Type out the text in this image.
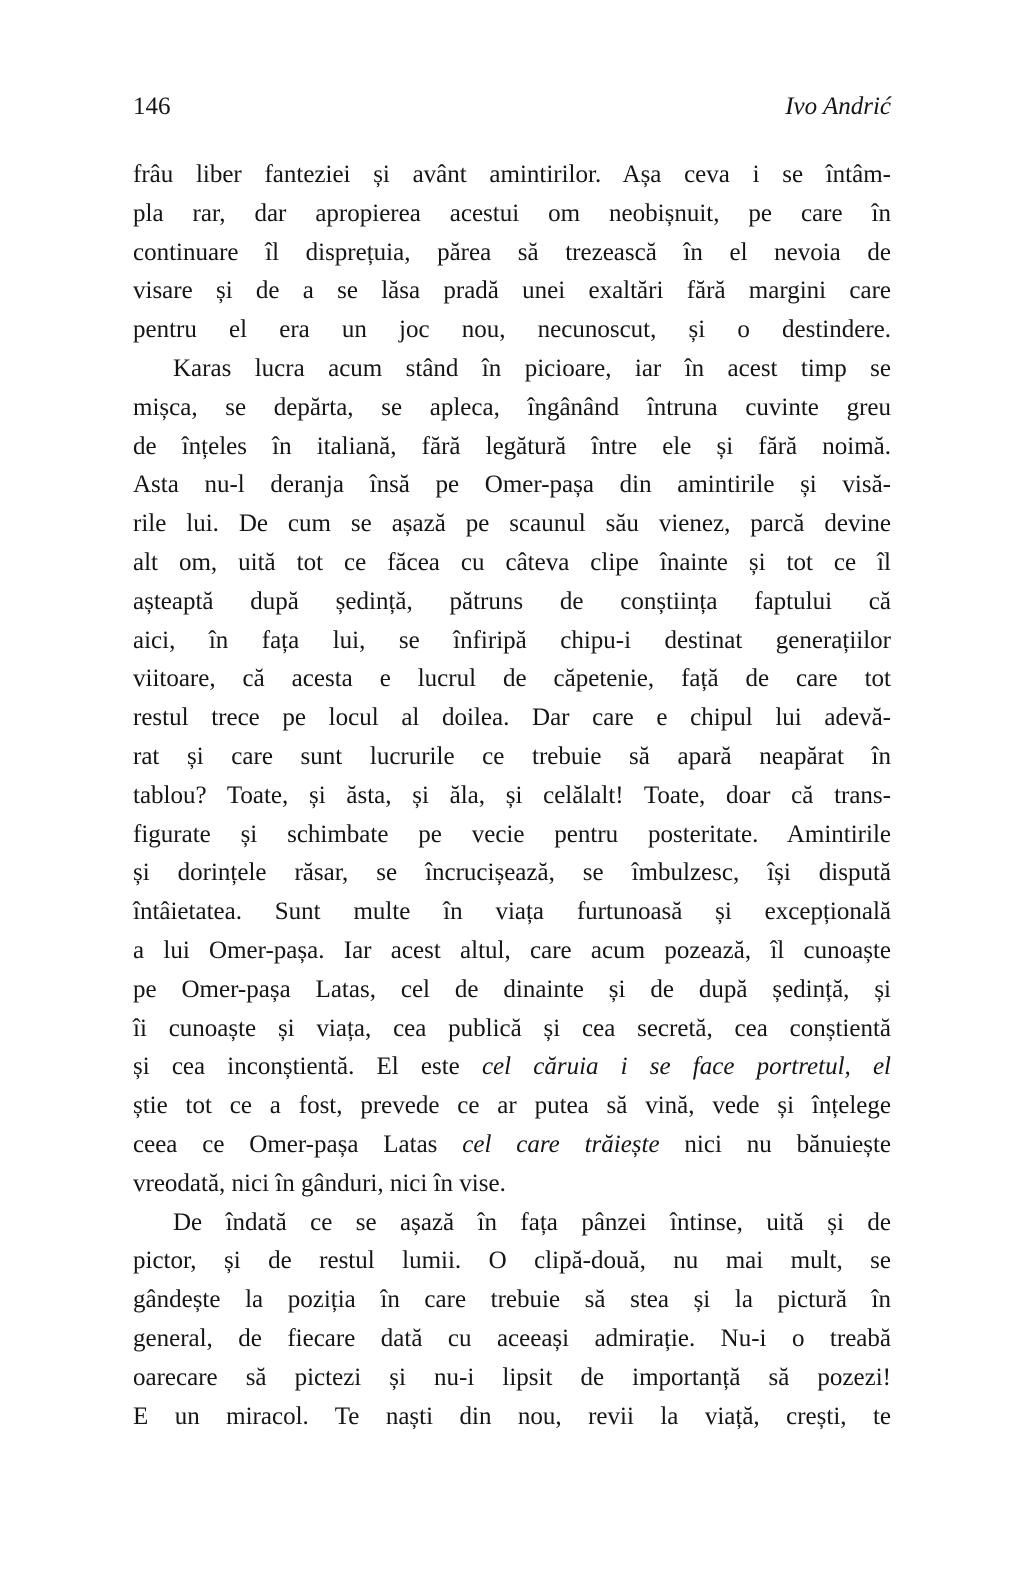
146	Ivo Andrić
frâu liber fanteziei și avânt amintirilor. Așa ceva i se întâm-
pla rar, dar apropierea acestui om neobișnuit, pe care în
continuare îl disprețuia, părea să trezească în el nevoia de
visare și de a se lăsa pradă unei exaltări fără margini care
pentru el era un joc nou, necunoscut, și o destindere.
Karas lucra acum stând în picioare, iar în acest timp se
mișca, se depărta, se apleca, îngânând întruna cuvinte greu
de înțeles în italiană, fără legătură între ele și fără noimă.
Asta nu-l deranja însă pe Omer-pașa din amintirile și visă-
rile lui. De cum se așază pe scaunul său vienez, parcă devine
alt om, uită tot ce făcea cu câteva clipe înainte și tot ce îl
așteaptă după ședință, pătruns de conștiința faptului că
aici, în fața lui, se înfiripă chipu-i destinat generațiilor
viitoare, că acesta e lucrul de căpetenie, față de care tot
restul trece pe locul al doilea. Dar care e chipul lui adevă-
rat și care sunt lucrurile ce trebuie să apară neapărat în
tablou? Toate, și ăsta, și ăla, și celălalt! Toate, doar că trans-
figurate și schimbate pe vecie pentru posteritate. Amintirile
și dorințele răsar, se încrucișează, se îmbulzesc, își dispută
întâietatea. Sunt multe în viața furtunoasă și excepțională
a lui Omer-pașa. Iar acest altul, care acum pozează, îl cunoaște
pe Omer-pașa Latas, cel de dinainte și de după ședință, și
îi cunoaște și viața, cea publică și cea secretă, cea conștientă
și cea inconștientă. El este cel căruia i se face portretul, el
știe tot ce a fost, prevede ce ar putea să vină, vede și înțelege
ceea ce Omer-pașa Latas cel care trăiește nici nu bănuiește
vreodată, nici în gânduri, nici în vise.
De îndată ce se așază în fața pânzei întinse, uită și de
pictor, și de restul lumii. O clipă-două, nu mai mult, se
gândește la poziția în care trebuie să stea și la pictură în
general, de fiecare dată cu aceeași admirație. Nu-i o treabă
oarecare să pictezi și nu-i lipsit de importanță să pozezi!
E un miracol. Te naști din nou, revii la viață, crești, te
